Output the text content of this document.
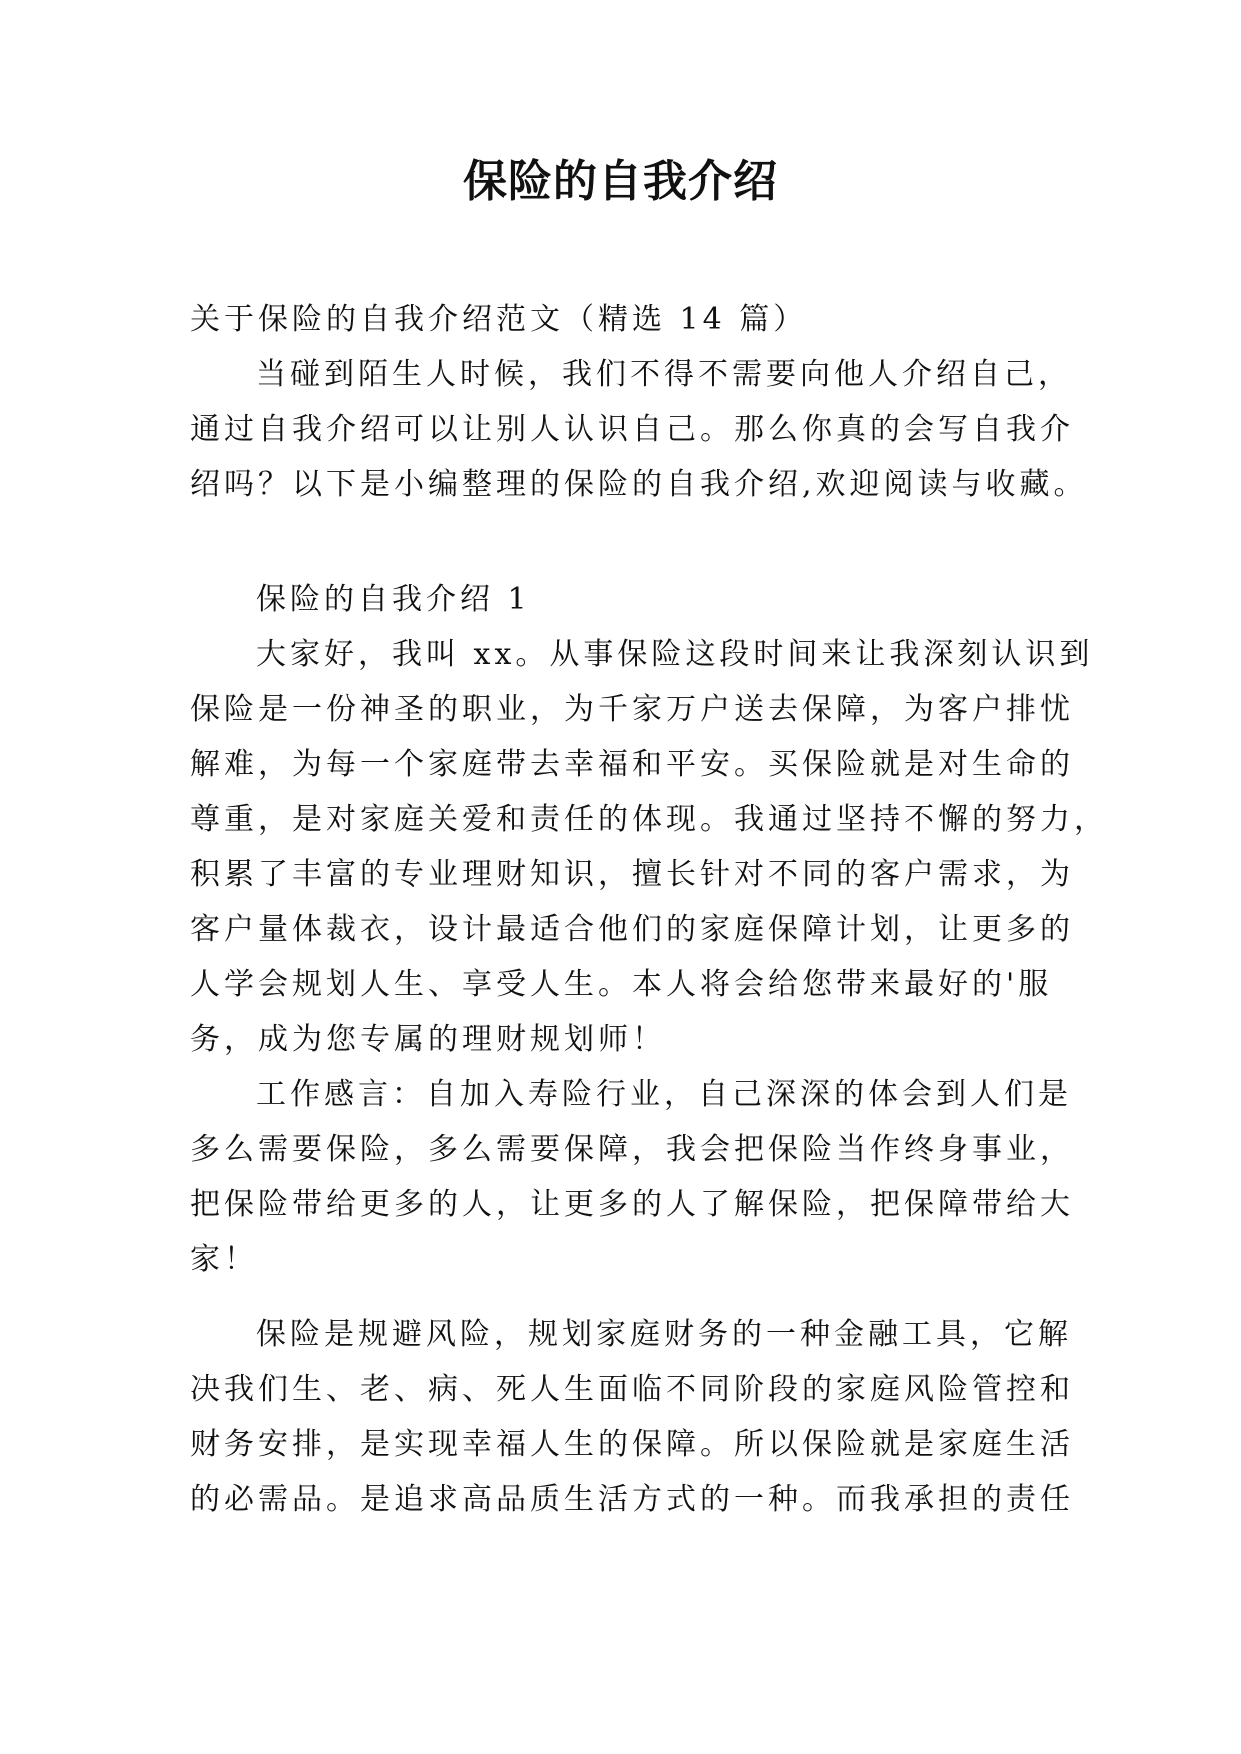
保险的自我介绍

关于保险的自我介绍范文（精选 14 篇）

当碰到陌生人时候，我们不得不需要向他人介绍自己，

通过自我介绍可以让别人认识自己。那么你真的会写自我介

绍吗？以下是小编整理的保险的自我介绍,欢迎阅读与收藏。

保险的自我介绍 1

大家好，我叫 xx。从事保险这段时间来让我深刻认识到

保险是一份神圣的职业，为千家万户送去保障，为客户排忧

解难，为每一个家庭带去幸福和平安。买保险就是对生命的

尊重，是对家庭关爱和责任的体现。我通过坚持不懈的努力，

积累了丰富的专业理财知识，擅长针对不同的客户需求，为

客户量体裁衣，设计最适合他们的家庭保障计划，让更多的

人学会规划人生、享受人生。本人将会给您带来最好的'服

务，成为您专属的理财规划师！

工作感言：自加入寿险行业，自己深深的体会到人们是

多么需要保险，多么需要保障，我会把保险当作终身事业，

把保险带给更多的人，让更多的人了解保险，把保障带给大

家！

保险是规避风险，规划家庭财务的一种金融工具，它解

决我们生、老、病、死人生面临不同阶段的家庭风险管控和

财务安排，是实现幸福人生的保障。所以保险就是家庭生活

的必需品。是追求高品质生活方式的一种。而我承担的责任
